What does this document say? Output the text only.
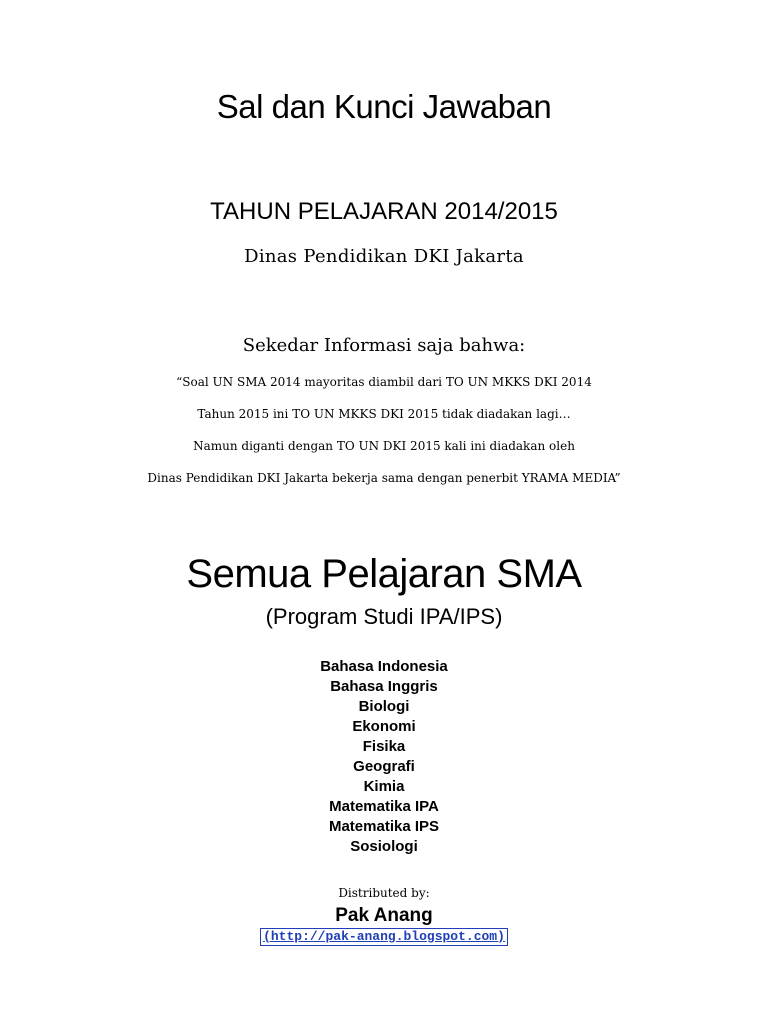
Sal dan Kunci Jawaban
TAHUN PELAJARAN 2014/2015
Dinas Pendidikan DKI Jakarta
Sekedar Informasi saja bahwa:
“Soal UN SMA 2014 mayoritas diambil dari TO UN MKKS DKI 2014
Tahun 2015 ini TO UN MKKS DKI 2015 tidak diadakan lagi…
Namun diganti dengan TO UN DKI 2015 kali ini diadakan oleh
Dinas Pendidikan DKI Jakarta bekerja sama dengan penerbit YRAMA MEDIA”
Semua Pelajaran SMA
(Program Studi IPA/IPS)
Bahasa Indonesia
Bahasa Inggris
Biologi
Ekonomi
Fisika
Geografi
Kimia
Matematika IPA
Matematika IPS
Sosiologi
Distributed by:
Pak Anang
(http://pak-anang.blogspot.com)
